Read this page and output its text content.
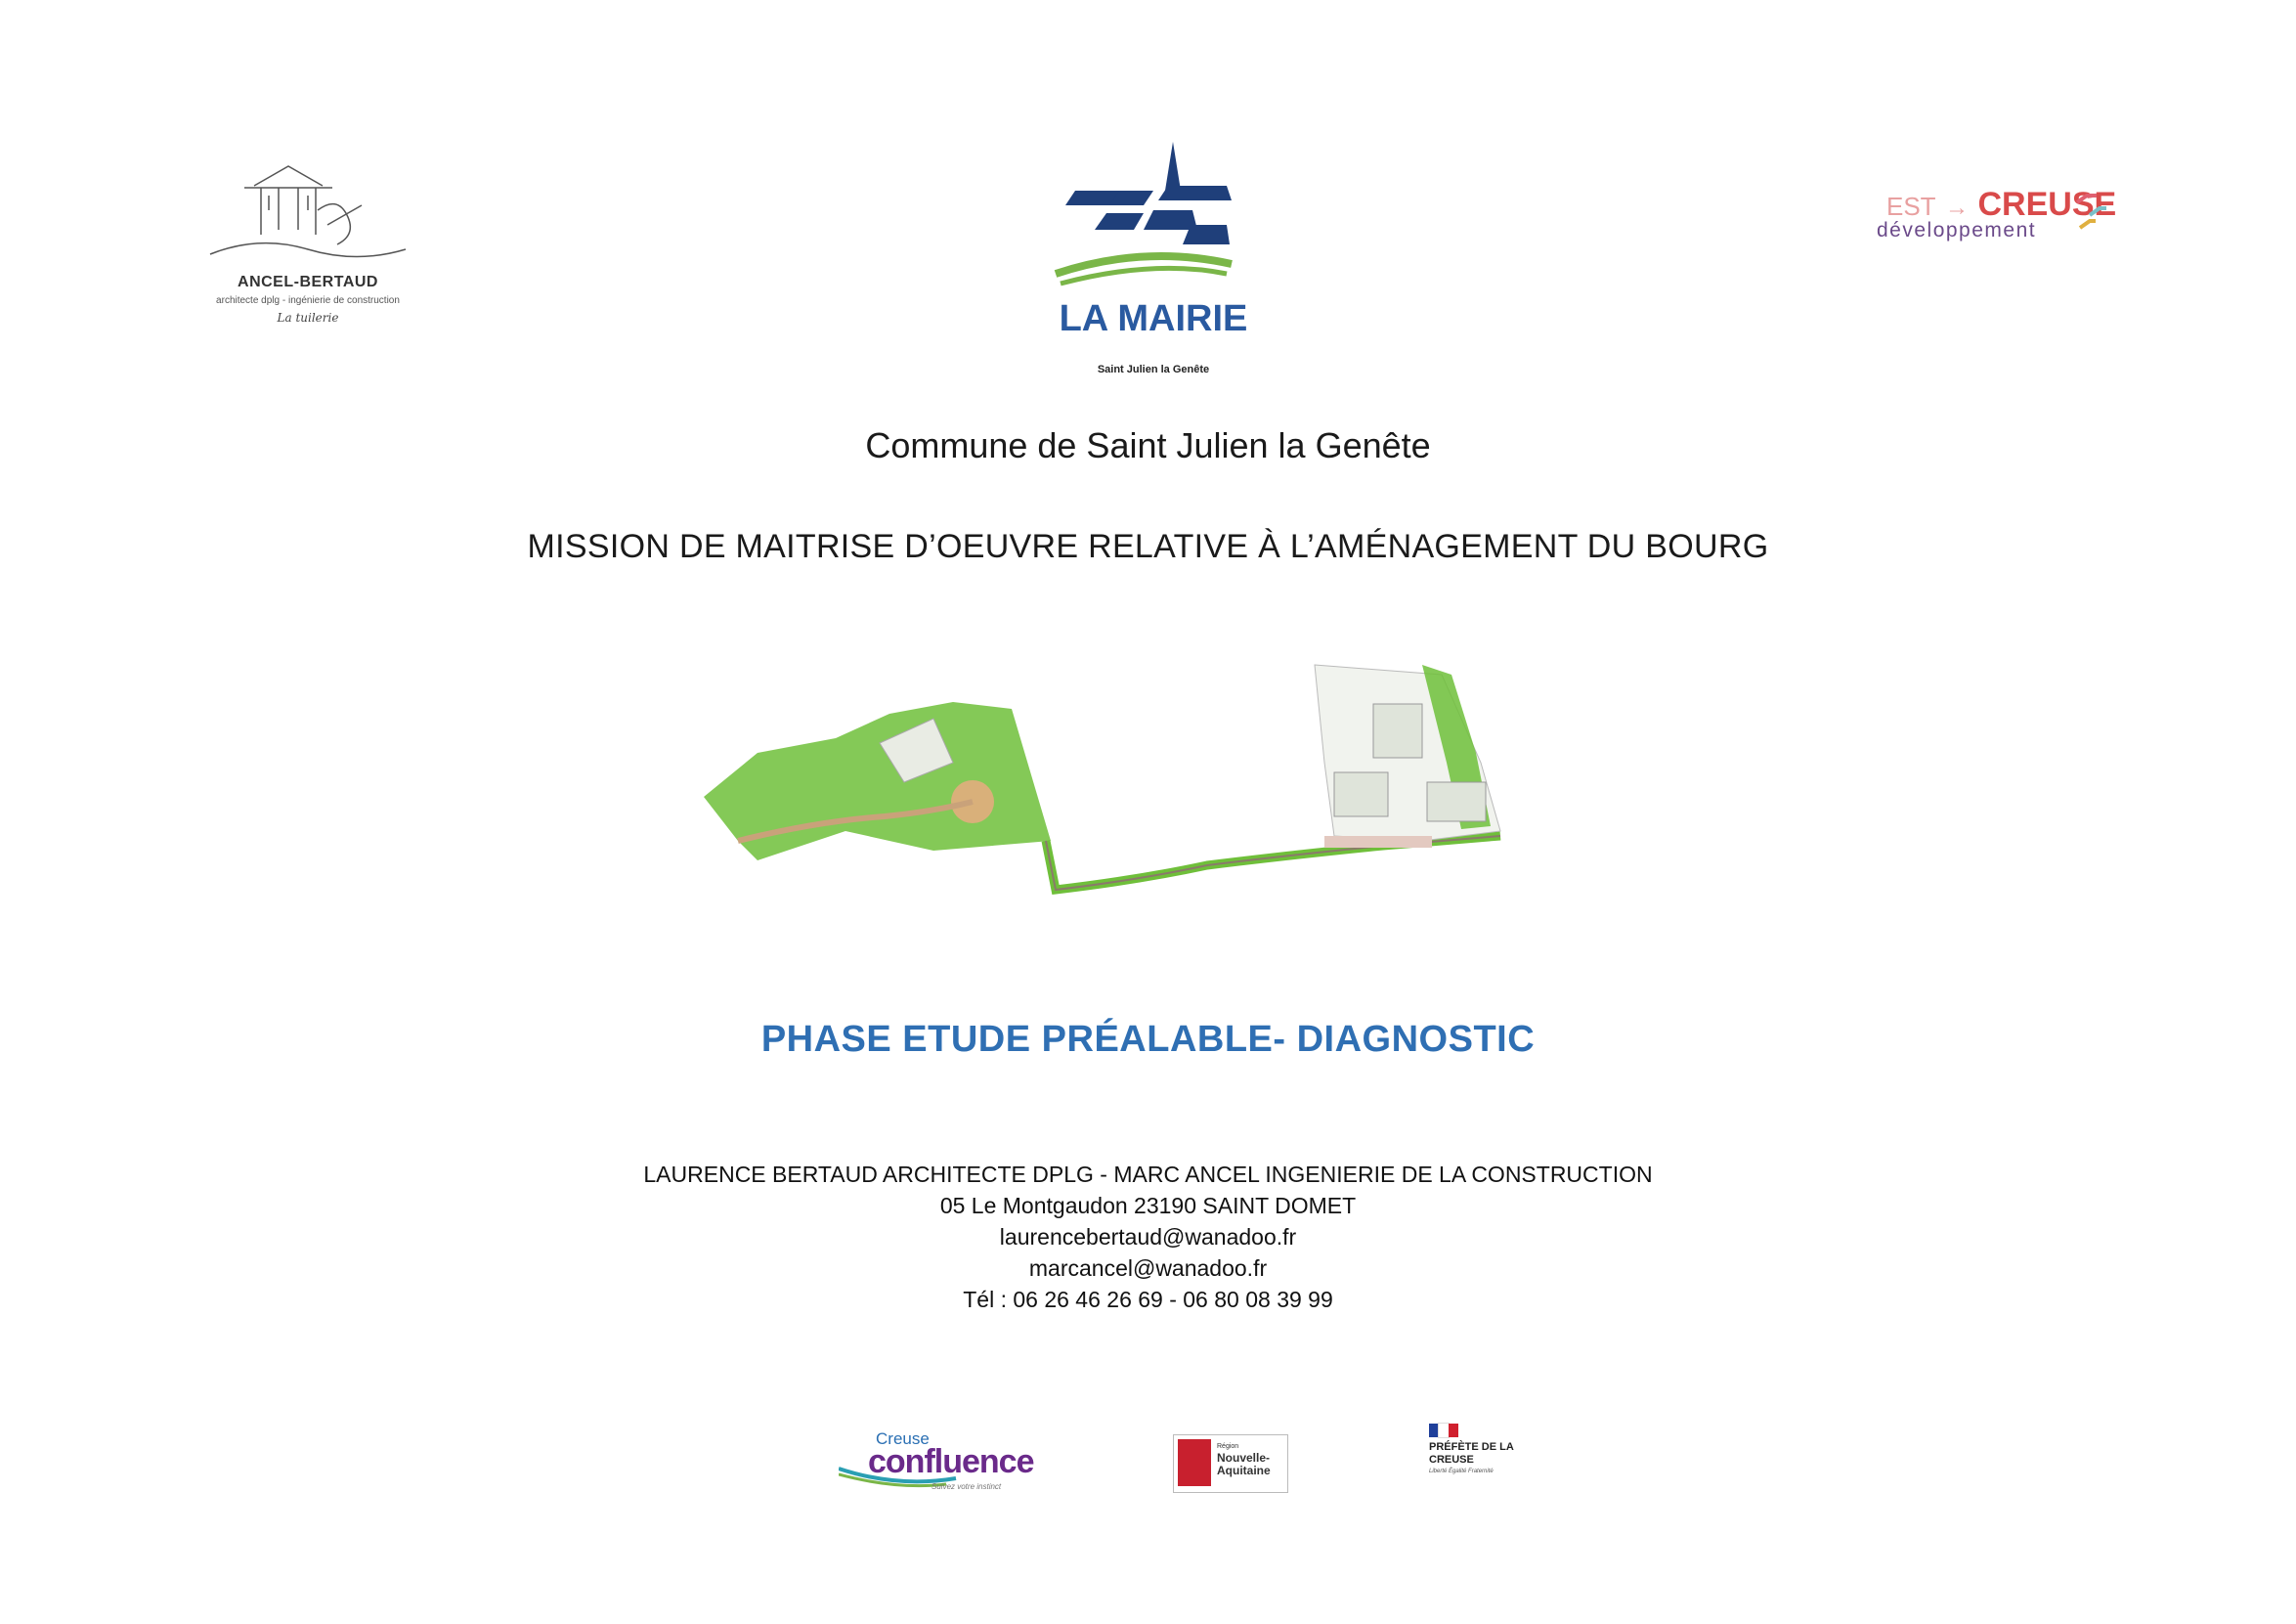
ANCEL-BERTAUD
architecte dplg - ingénierie de construction
La tuilerie	LA MAIRIE
Saint Julien la Genête
EST → CREUSE
développement
Commune de Saint Julien la Genête
MISSION DE MAITRISE D’OEUVRE RELATIVE À L’AMÉNAGEMENT DU BOURG
PHASE ETUDE PRÉALABLE- DIAGNOSTIC
LAURENCE BERTAUD ARCHITECTE DPLG - MARC ANCEL INGENIERIE DE LA CONSTRUCTION
05 Le Montgaudon 23190 SAINT DOMET
laurencebertaud@wanadoo.fr
marcancel@wanadoo.fr
Tél : 06 26 46 26 69 - 06 80 08 39 99
Creuse
confluence
Suivez votre instinct
Région
Nouvelle-Aquitaine
PRÉFÈTE DE LA CREUSE
Liberté Égalité Fraternité
